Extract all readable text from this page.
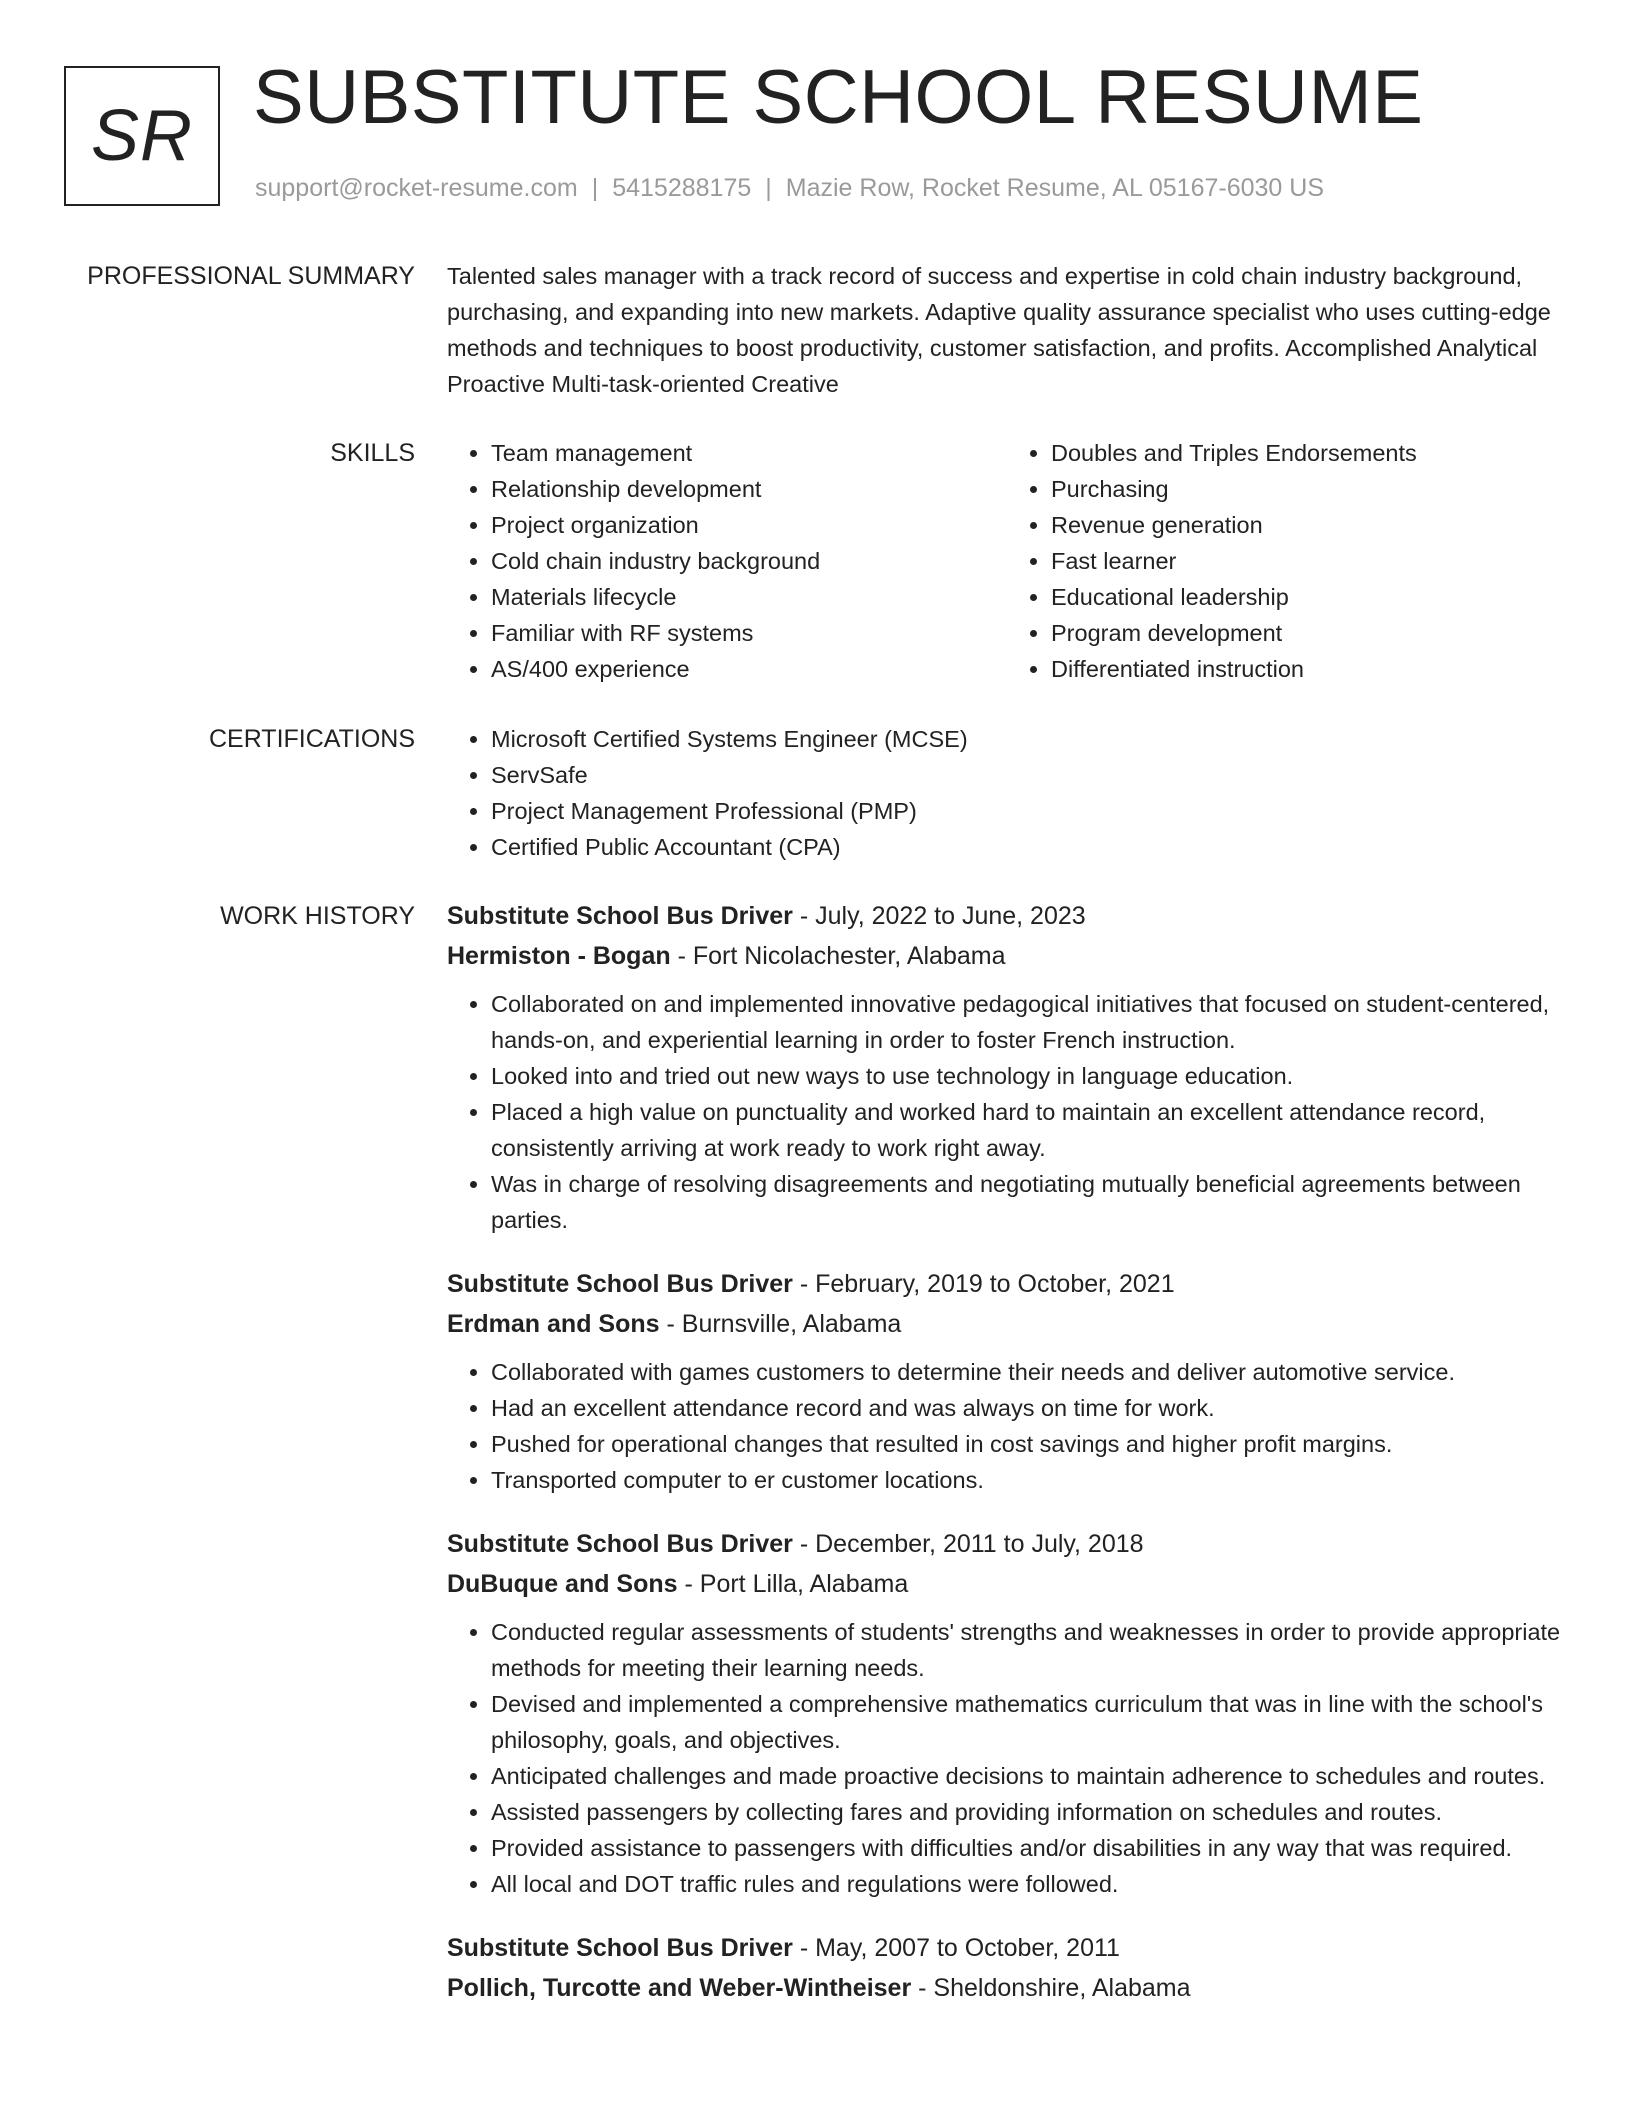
SR SUBSTITUTE SCHOOL RESUME
support@rocket-resume.com | 5415288175 | Mazie Row, Rocket Resume, AL 05167-6030 US
PROFESSIONAL SUMMARY Talented sales manager with a track record of success and expertise in cold chain industry background, purchasing, and expanding into new markets. Adaptive quality assurance specialist who uses cutting-edge methods and techniques to boost productivity, customer satisfaction, and profits. Accomplished Analytical Proactive Multi-task-oriented Creative

SKILLS	• Team management
• Relationship development
• Project organization
• Cold chain industry background
• Materials lifecycle
• Familiar with RF systems
• AS/400 experience
• Doubles and Triples Endorsements
• Purchasing
• Revenue generation
• Fast learner
• Educational leadership
• Program development
• Differentiated instruction
CERTIFICATIONS	• Microsoft Certified Systems Engineer (MCSE)
• ServSafe
• Project Management Professional (PMP)
• Certified Public Accountant (CPA)
WORK HISTORY Substitute School Bus Driver - July, 2022 to June, 2023
Hermiston - Bogan - Fort Nicolachester, Alabama
• Collaborated on and implemented innovative pedagogical initiatives that focused on student-centered, hands-on, and experiential learning in order to foster French instruction.
• Looked into and tried out new ways to use technology in language education.
• Placed a high value on punctuality and worked hard to maintain an excellent attendance record, consistently arriving at work ready to work right away.
• Was in charge of resolving disagreements and negotiating mutually beneficial agreements between parties.
Substitute School Bus Driver - February, 2019 to October, 2021
Erdman and Sons - Burnsville, Alabama
• Collaborated with games customers to determine their needs and deliver automotive service.
• Had an excellent attendance record and was always on time for work.
• Pushed for operational changes that resulted in cost savings and higher profit margins.
• Transported computer to er customer locations.
Substitute School Bus Driver - December, 2011 to July, 2018
DuBuque and Sons - Port Lilla, Alabama
• Conducted regular assessments of students' strengths and weaknesses in order to provide appropriate methods for meeting their learning needs.
• Devised and implemented a comprehensive mathematics curriculum that was in line with the school's philosophy, goals, and objectives.
• Anticipated challenges and made proactive decisions to maintain adherence to schedules and routes.
• Assisted passengers by collecting fares and providing information on schedules and routes.
• Provided assistance to passengers with difficulties and/or disabilities in any way that was required.
• All local and DOT traffic rules and regulations were followed.
Substitute School Bus Driver - May, 2007 to October, 2011
Pollich, Turcotte and Weber-Wintheiser - Sheldonshire, Alabama
